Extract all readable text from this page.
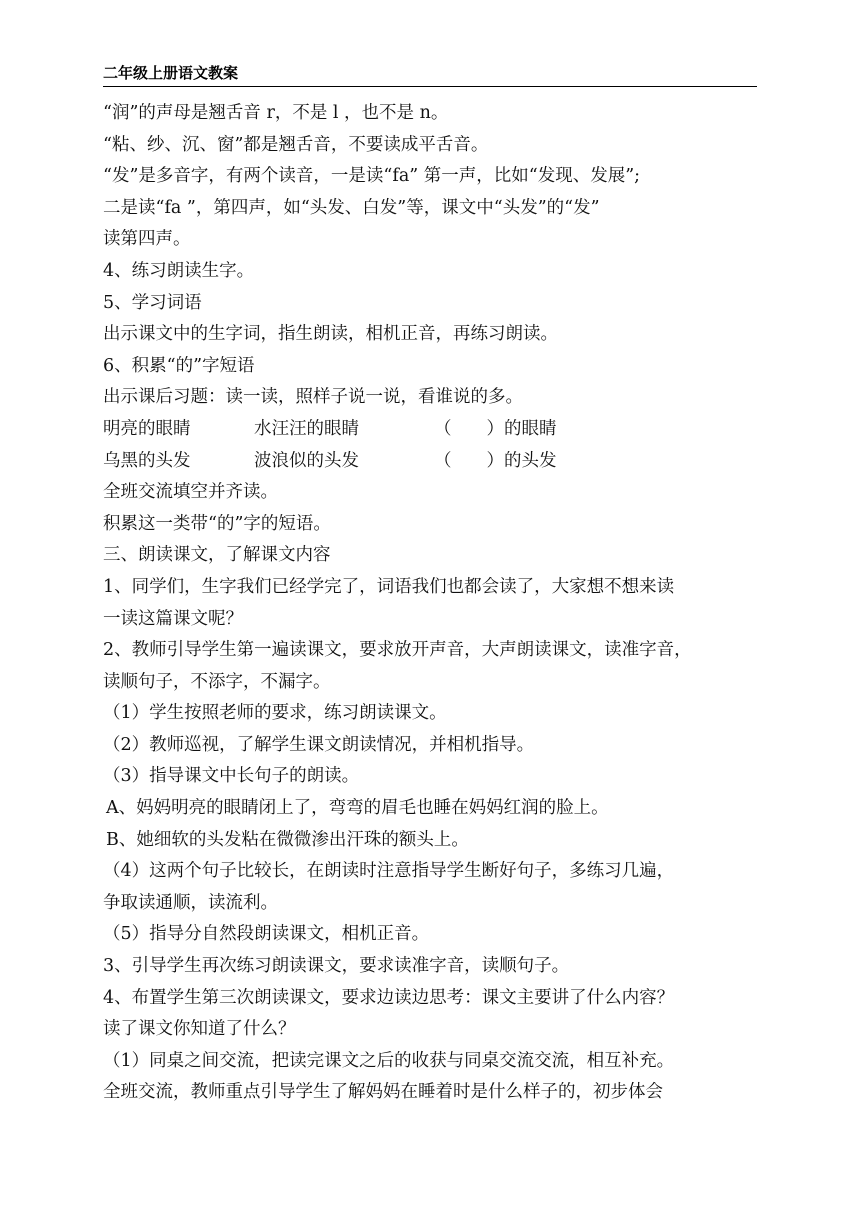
二年级上册语文教案
“润”的声母是翘舌音 r，不是 l ，也不是 n。
“粘、纱、沉、窗”都是翘舌音，不要读成平舌音。
“发”是多音字，有两个读音，一是读“fa” 第一声，比如“发现、发展”;
二是读“fa ”，第四声，如“头发、白发”等，课文中“头发”的“发”
读第四声。
4、练习朗读生字。
5、学习词语
出示课文中的生字词，指生朗读，相机正音，再练习朗读。
6、积累“的”字短语
出示课后习题：读一读，照样子说一说，看谁说的多。
明亮的眼睛	水汪汪的眼睛	（　　）的眼睛
乌黑的头发	波浪似的头发	（　　）的头发
全班交流填空并齐读。
积累这一类带“的”字的短语。
三、朗读课文，了解课文内容
1、同学们，生字我们已经学完了，词语我们也都会读了，大家想不想来读
一读这篇课文呢？
2、教师引导学生第一遍读课文，要求放开声音，大声朗读课文，读准字音，
读顺句子，不添字，不漏字。
（1）学生按照老师的要求，练习朗读课文。
（2）教师巡视，了解学生课文朗读情况，并相机指导。
（3）指导课文中长句子的朗读。
A、妈妈明亮的眼睛闭上了，弯弯的眉毛也睡在妈妈红润的脸上。
B、她细软的头发粘在微微渗出汗珠的额头上。
（4）这两个句子比较长，在朗读时注意指导学生断好句子，多练习几遍，
争取读通顺，读流利。
（5）指导分自然段朗读课文，相机正音。
3、引导学生再次练习朗读课文，要求读准字音，读顺句子。
4、布置学生第三次朗读课文，要求边读边思考：课文主要讲了什么内容？
读了课文你知道了什么？
（1）同桌之间交流，把读完课文之后的收获与同桌交流交流，相互补充。
全班交流，教师重点引导学生了解妈妈在睡着时是什么样子的，初步体会
